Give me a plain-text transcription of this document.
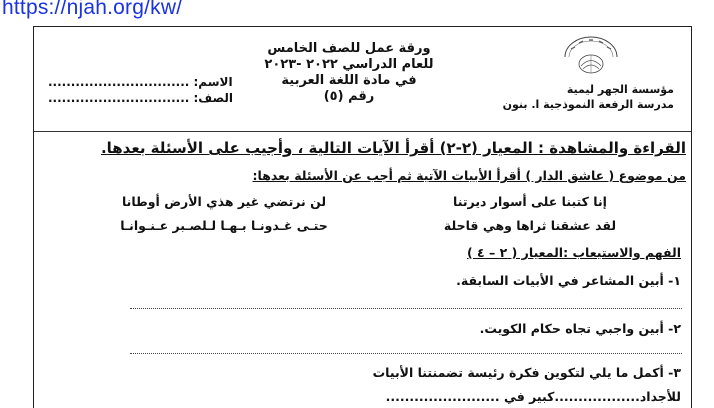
https://njah.org/kw/
ورقة عمل للصف الخامس
للعام الدراسي ٢٠٢٢ -٢٠٢٣
في مادة اللغة العربية
رقم (٥)
الاسم: ...............................
الصف: ...............................
مؤسسة الجهر ليمية
مدرسة الرفعة النموذجية ا. بنون
القراءة والمشاهدة : المعيار (٢-٢) أقرأ الآيات التالية ، وأجيب على الأسئلة بعدها.
من موضوع ( عاشق الدار ) أقرأ الأبيات الآتية ثم أجب عن الأسئلة بعدها:
إنا كتبنا على أسوار ديرتنا
لن نرتضي غير هذي الأرض أوطانا
لقد عشقنا ثراها وهي قاحلة
حتـى غـدونـا بـهـا لـلصـبر عـنـوانـا
الفهم والاستيعاب :المعيار ( ٢ – ٤ )
١- أبين المشاعر في الأبيات السابقة.
٢- أبين واجبي تجاه حكام الكويت.
٣- أكمل ما يلي لتكوين فكرة رئيسة تضمنتنا الأبيات
للأجداد..................كبير في ........................
